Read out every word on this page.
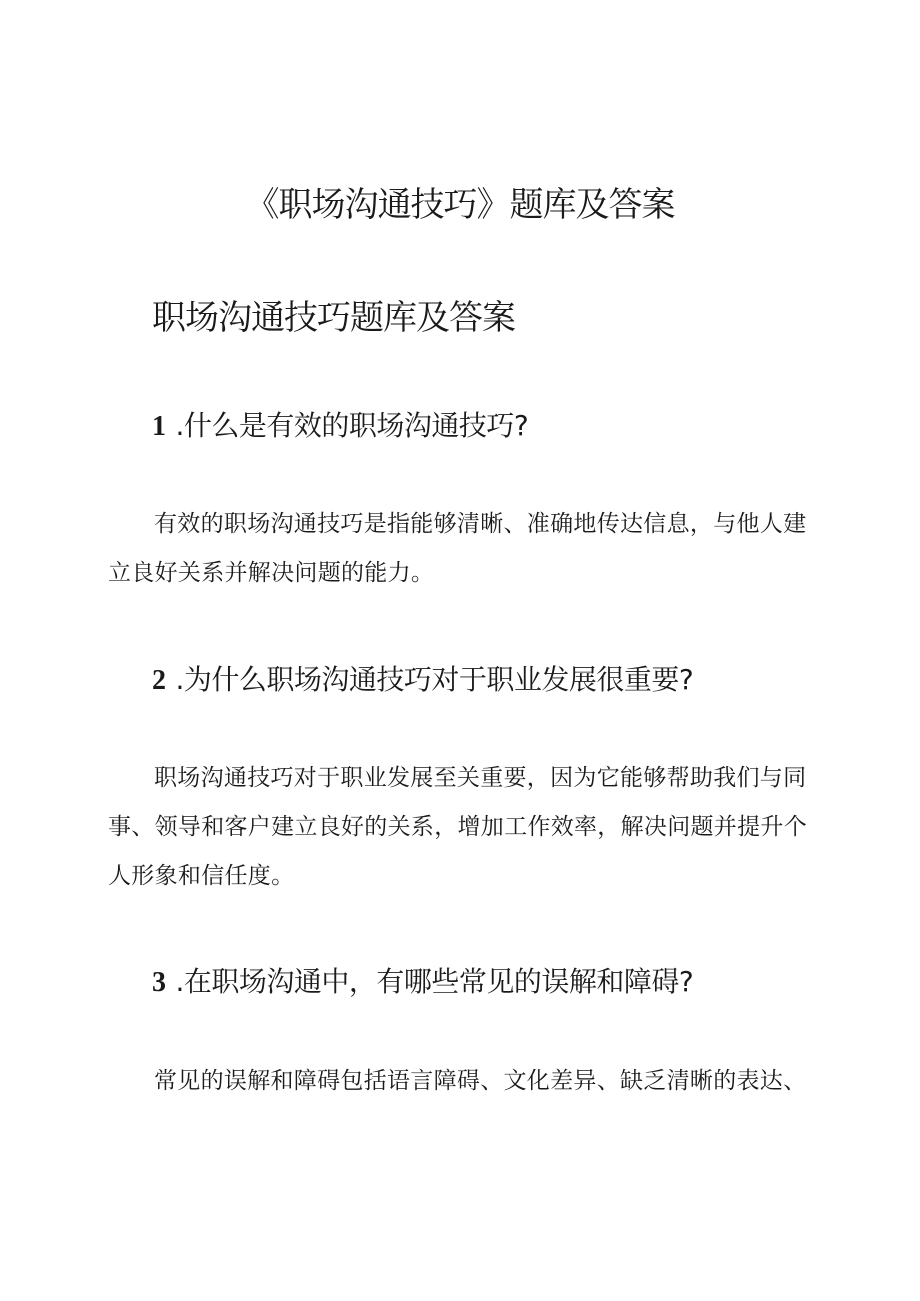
《职场沟通技巧》题库及答案
职场沟通技巧题库及答案
1 .什么是有效的职场沟通技巧?

有效的职场沟通技巧是指能够清晰、准确地传达信息，与他人建立良好关系并解决问题的能力。

2 .为什么职场沟通技巧对于职业发展很重要?

职场沟通技巧对于职业发展至关重要，因为它能够帮助我们与同事、领导和客户建立良好的关系，增加工作效率，解决问题并提升个人形象和信任度。

3 .在职场沟通中，有哪些常见的误解和障碍?

常见的误解和障碍包括语言障碍、文化差异、缺乏清晰的表达、
